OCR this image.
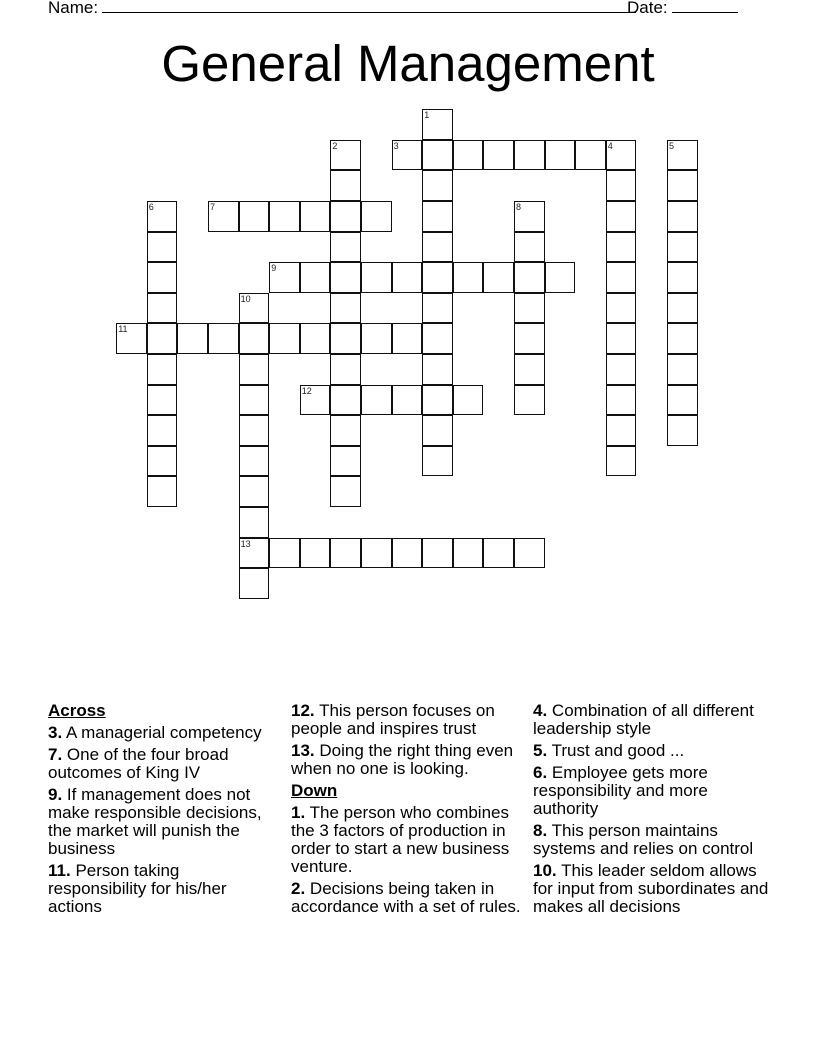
Name:	Date:
General Management
1
2	3	4	5
6	7	8
9
10
13
11
12
Across
3. A managerial competency
7. One of the four broad outcomes of King IV
9. If management does not make responsible decisions, the market will punish the business
11. Person taking responsibility for his/her actions
12. This person focuses on people and inspires trust
13. Doing the right thing even when no one is looking.
Down
1. The person who combines the 3 factors of production in order to start a new business venture.
2. Decisions being taken in accordance with a set of rules.
4. Combination of all different leadership style
5. Trust and good ...
6. Employee gets more responsibility and more authority
8. This person maintains systems and relies on control
10. This leader seldom allows for input from subordinates and makes all decisions
